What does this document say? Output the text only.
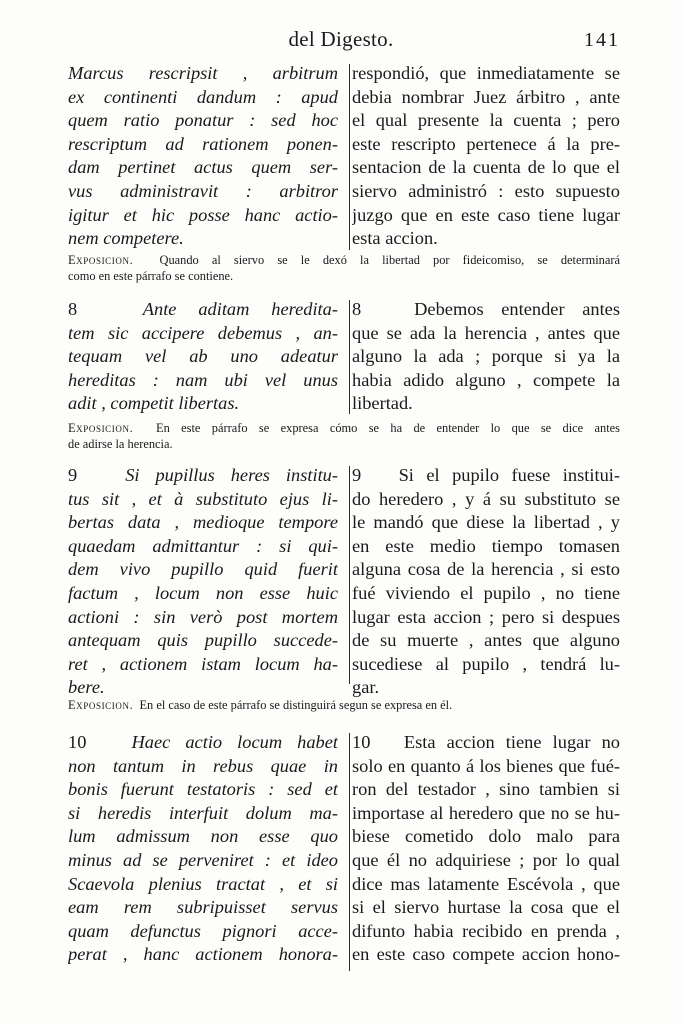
del Digesto.	141
Marcus rescripsit , arbitrum
ex continenti dandum : apud
quem ratio ponatur : sed hoc
rescriptum ad rationem ponen-
dam pertinet actus quem ser-
vus administravit : arbitror
igitur et hic posse hanc actio-
nem competere.
respondió, que inmediatamente se
debia nombrar Juez árbitro , ante
el qual presente la cuenta ; pero
este rescripto pertenece á la pre-
sentacion de la cuenta de lo que el
siervo administró : esto supuesto
juzgo que en este caso tiene lugar
esta accion.
Exposicion. Quando al siervo se le dexó la libertad por fideicomiso, se determinará
como en este párrafo se contiene.
8	Ante aditam heredita-
tem sic accipere debemus , an-
tequam vel ab uno adeatur
hereditas : nam ubi vel unus
adit , competit libertas.
8	Debemos entender antes
que se ada la herencia , antes que
alguno la ada ; porque si ya la
habia adido alguno , compete la
libertad.
Exposicion. En este párrafo se expresa cómo se ha de entender lo que se dice antes
de adirse la herencia.
9	Si pupillus heres institu-
tus sit , et à substituto ejus li-
bertas data , medioque tempore
quaedam admittantur : si qui-
dem vivo pupillo quid fuerit
factum , locum non esse huic
actioni : sin verò post mortem
antequam quis pupillo succede-
ret , actionem istam locum ha-
bere.
9 Si el pupilo fuese institui-
do heredero , y á su substituto se
le mandó que diese la libertad , y
en este medio tiempo tomasen
alguna cosa de la herencia , si esto
fué viviendo el pupilo , no tiene
lugar esta accion ; pero si despues
de su muerte , antes que alguno
sucediese al pupilo , tendrá lu-
gar.
Exposicion. En el caso de este párrafo se distinguirá segun se expresa en él.
10 Haec actio locum habet
non tantum in rebus quae in
bonis fuerunt testatoris : sed et
si heredis interfuit dolum ma-
lum admissum non esse quo
minus ad se perveniret : et ideo
Scaevola plenius tractat , et si
eam rem subripuisset servus
quam defunctus pignori acce-
perat , hanc actionem honora-
10 Esta accion tiene lugar no
solo en quanto á los bienes que fué-
ron del testador , sino tambien si
importase al heredero que no se hu-
biese cometido dolo malo para
que él no adquiriese ; por lo qual
dice mas latamente Escévola , que
si el siervo hurtase la cosa que el
difunto habia recibido en prenda ,
en este caso compete accion hono-
